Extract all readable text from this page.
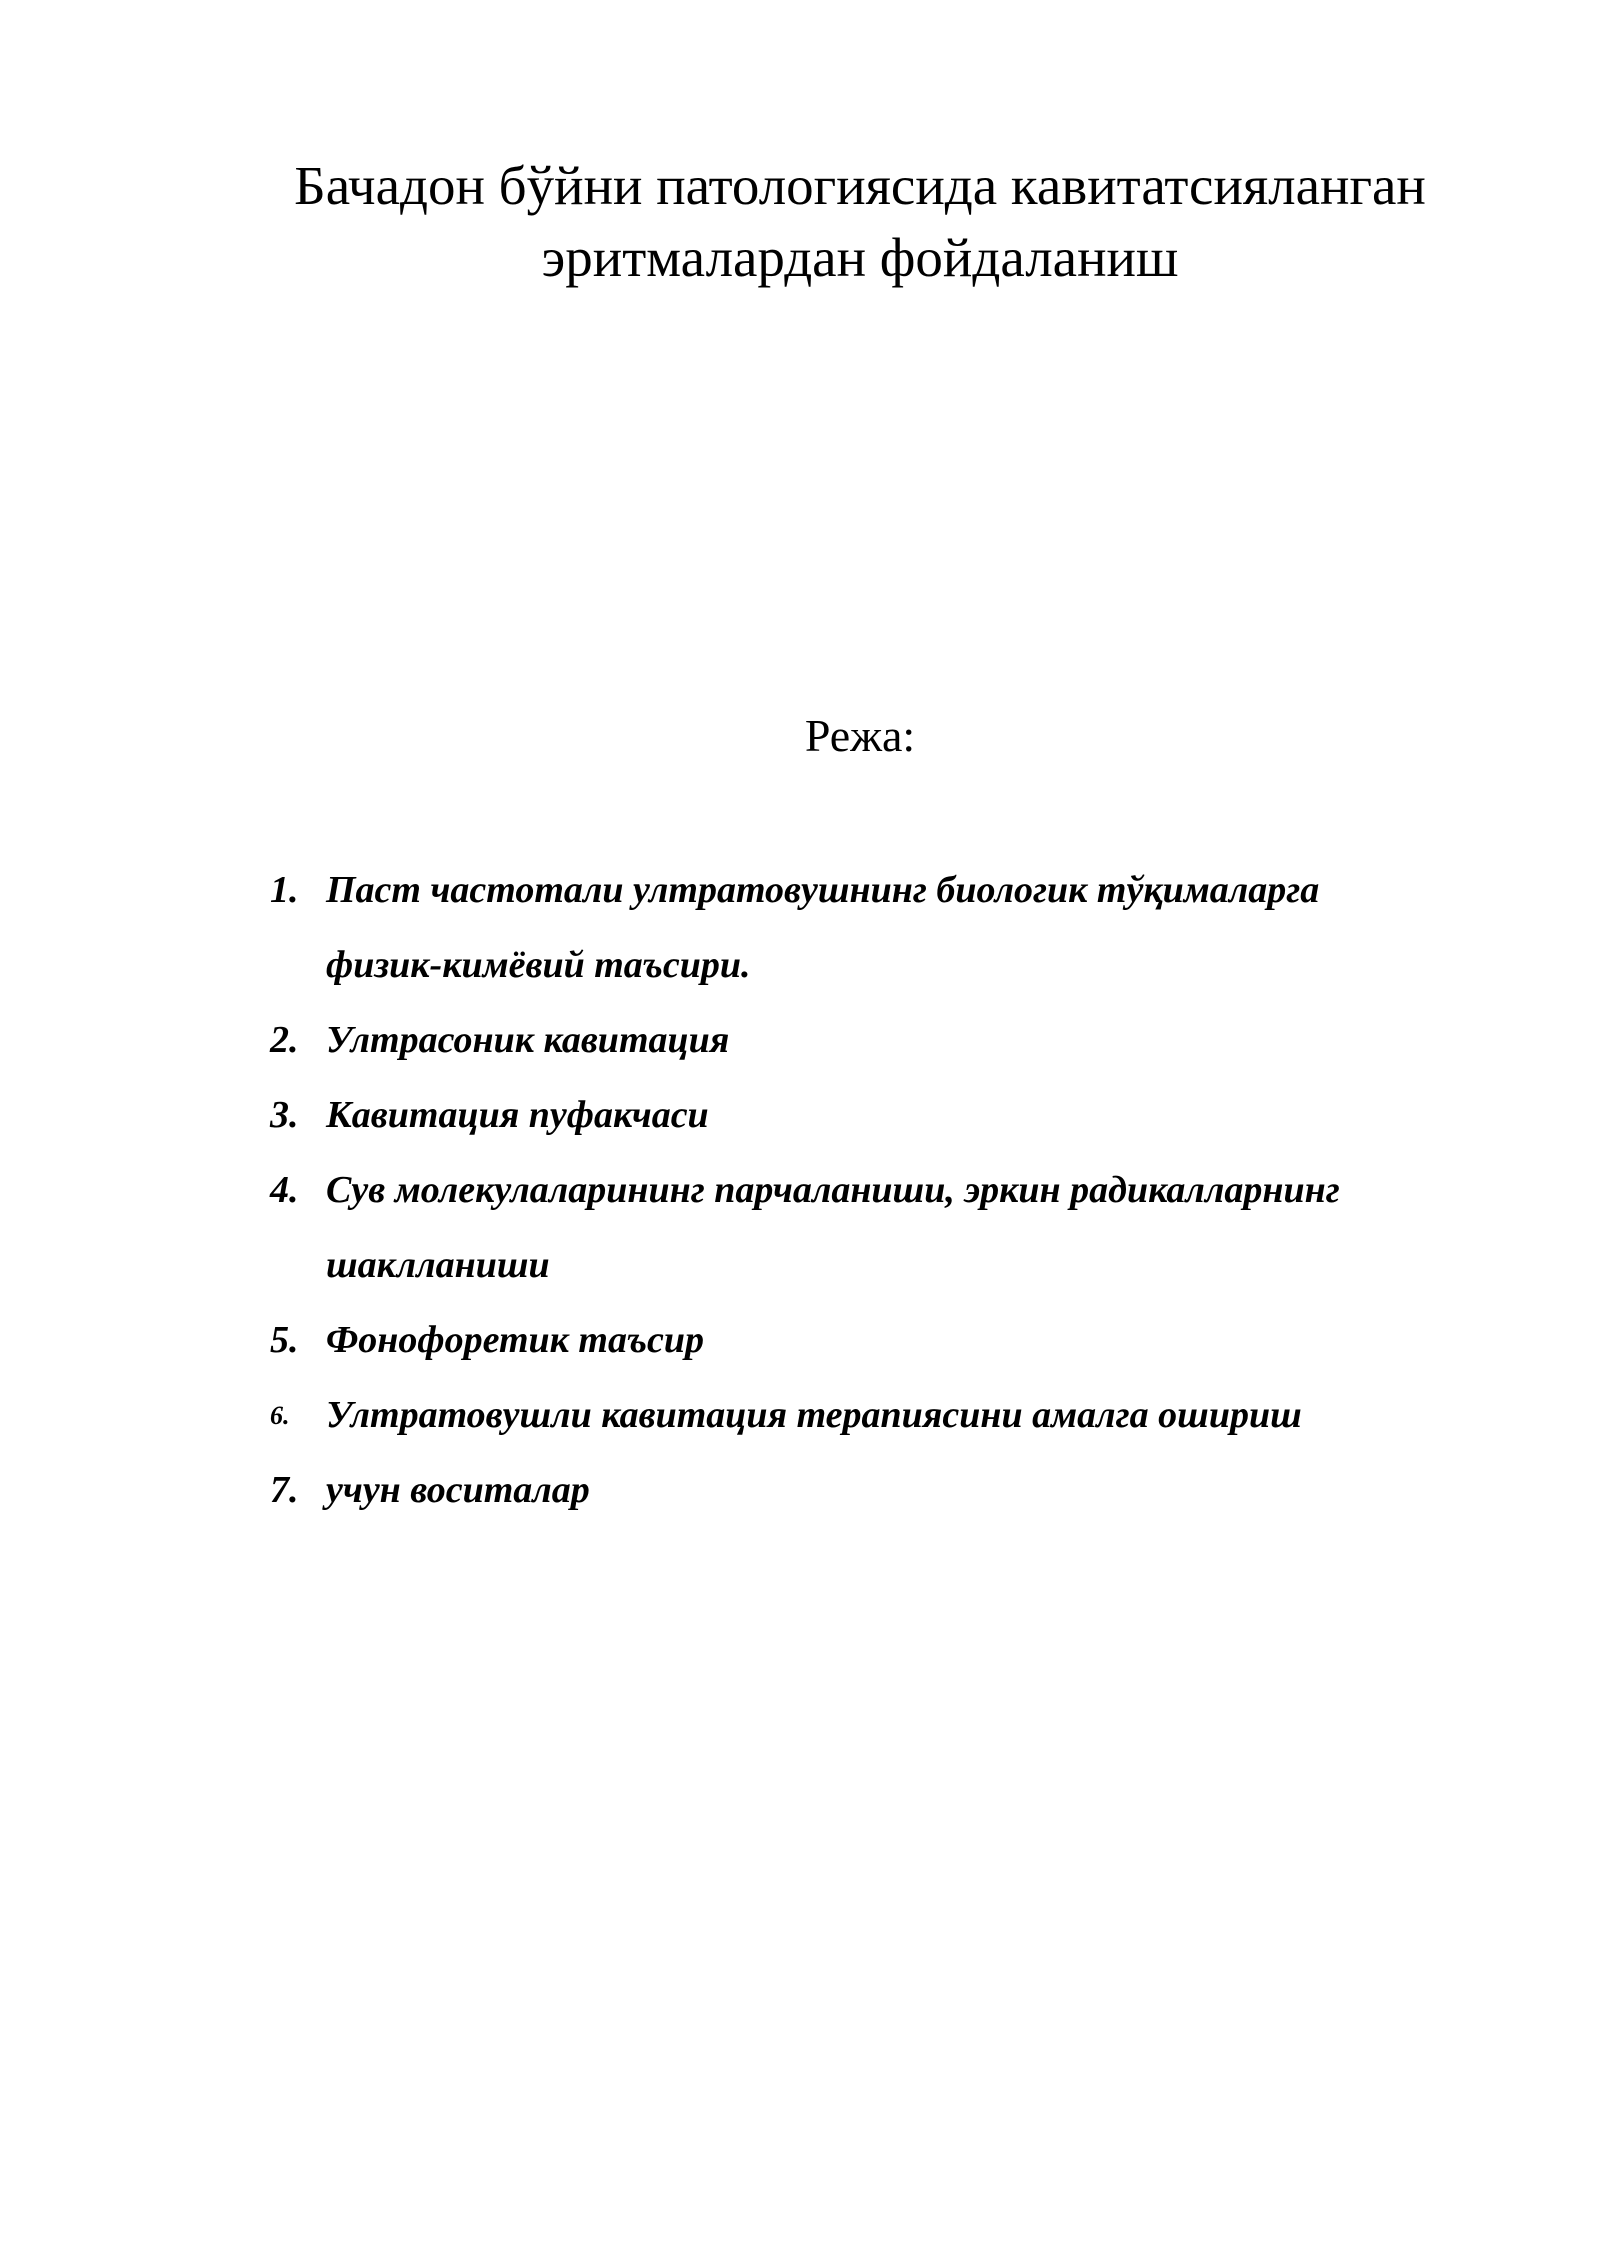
Бачадон бўйни патологиясида кавитатсияланган
эритмалардан фойдаланиш
Режа:
1. Паст частотали ултратовушнинг биологик тўқималарга
физик-кимёвий таъсири.
2. Ултрасоник кавитация
3. Кавитация пуфакчаси
4. Сув молекулаларининг парчаланиши, эркин радикалларнинг
шаклланиши
5. Фонофоретик таъсир
6. Ултратовушли кавитация терапиясини амалга ошириш
7. учун воситалар
